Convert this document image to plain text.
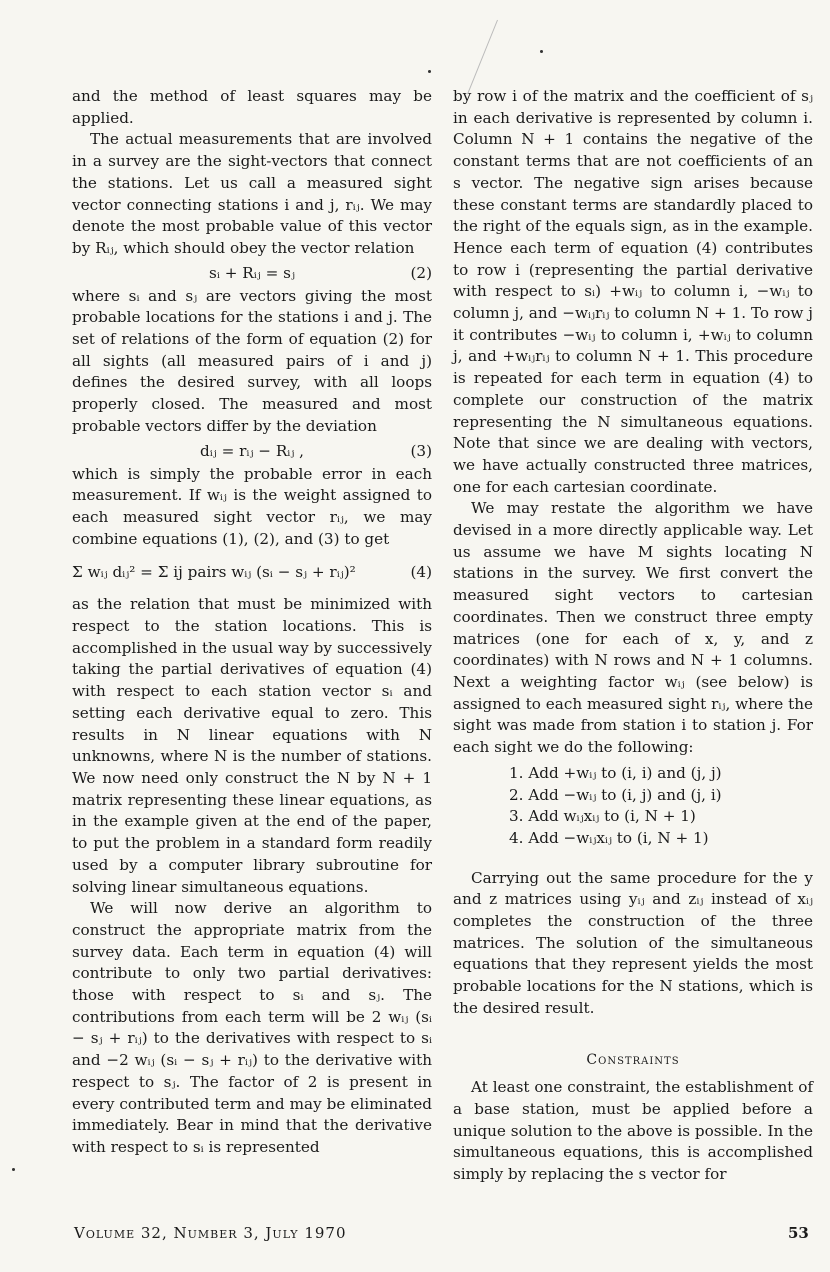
and the method of least squares may be applied.

The actual measurements that are involved in a survey are the sight-vectors that connect the stations. Let us call a measured sight vector connecting stations i and j, rᵢⱼ. We may denote the most probable value of this vector by Rᵢⱼ, which should obey the vector relation

sᵢ + Rᵢⱼ = sⱼ	(2)

where sᵢ and sⱼ are vectors giving the most probable locations for the stations i and j. The set of relations of the form of equation (2) for all sights (all measured pairs of i and j) defines the desired survey, with all loops properly closed. The measured and most probable vectors differ by the deviation

dᵢⱼ = rᵢⱼ − Rᵢⱼ ,	(3)

which is simply the probable error in each measurement. If wᵢⱼ is the weight assigned to each measured sight vector rᵢⱼ, we may combine equations (1), (2), and (3) to get

Σ wᵢⱼ dᵢⱼ² = Σ ij pairs wᵢⱼ (sᵢ − sⱼ + rᵢⱼ)²	(4)

as the relation that must be minimized with respect to the station locations. This is accomplished in the usual way by successively taking the partial derivatives of equation (4) with respect to each station vector sᵢ and setting each derivative equal to zero. This results in N linear equations with N unknowns, where N is the number of stations. We now need only construct the N by N + 1 matrix representing these linear equations, as in the example given at the end of the paper, to put the problem in a standard form readily used by a computer library subroutine for solving linear simultaneous equations.

We will now derive an algorithm to construct the appropriate matrix from the survey data. Each term in equation (4) will contribute to only two partial derivatives: those with respect to sᵢ and sⱼ. The contributions from each term will be 2 wᵢⱼ (sᵢ − sⱼ + rᵢⱼ) to the derivatives with respect to sᵢ and −2 wᵢⱼ (sᵢ − sⱼ + rᵢⱼ) to the derivative with respect to sⱼ. The factor of 2 is present in every contributed term and may be eliminated immediately. Bear in mind that the derivative with respect to sᵢ is represented

by row i of the matrix and the coefficient of sⱼ in each derivative is represented by column i. Column N + 1 contains the negative of the constant terms that are not coefficients of an s vector. The negative sign arises because these constant terms are standardly placed to the right of the equals sign, as in the example. Hence each term of equation (4) contributes to row i (representing the partial derivative with respect to sᵢ) +wᵢⱼ to column i, −wᵢⱼ to column j, and −wᵢⱼrᵢⱼ to column N + 1. To row j it contributes −wᵢⱼ to column i, +wᵢⱼ to column j, and +wᵢⱼrᵢⱼ to column N + 1. This procedure is repeated for each term in equation (4) to complete our construction of the matrix representing the N simultaneous equations. Note that since we are dealing with vectors, we have actually constructed three matrices, one for each cartesian coordinate.

We may restate the algorithm we have devised in a more directly applicable way. Let us assume we have M sights locating N stations in the survey. We first convert the measured sight vectors to cartesian coordinates. Then we construct three empty matrices (one for each of x, y, and z coordinates) with N rows and N + 1 columns. Next a weighting factor wᵢⱼ (see below) is assigned to each measured sight rᵢⱼ, where the sight was made from station i to station j. For each sight we do the following:

1. Add +wᵢⱼ to (i, i) and (j, j)
2. Add −wᵢⱼ to (i, j) and (j, i)
3. Add wᵢⱼxᵢⱼ to (i, N + 1)
4. Add −wᵢⱼxᵢⱼ to (i, N + 1)

Carrying out the same procedure for the y and z matrices using yᵢⱼ and zᵢⱼ instead of xᵢⱼ completes the construction of the three matrices. The solution of the simultaneous equations that they represent yields the most probable locations for the N stations, which is the desired result.

Constraints

At least one constraint, the establishment of a base station, must be applied before a unique solution to the above is possible. In the simultaneous equations, this is accomplished simply by replacing the s vector for

Volume 32, Number 3, July 1970	53
